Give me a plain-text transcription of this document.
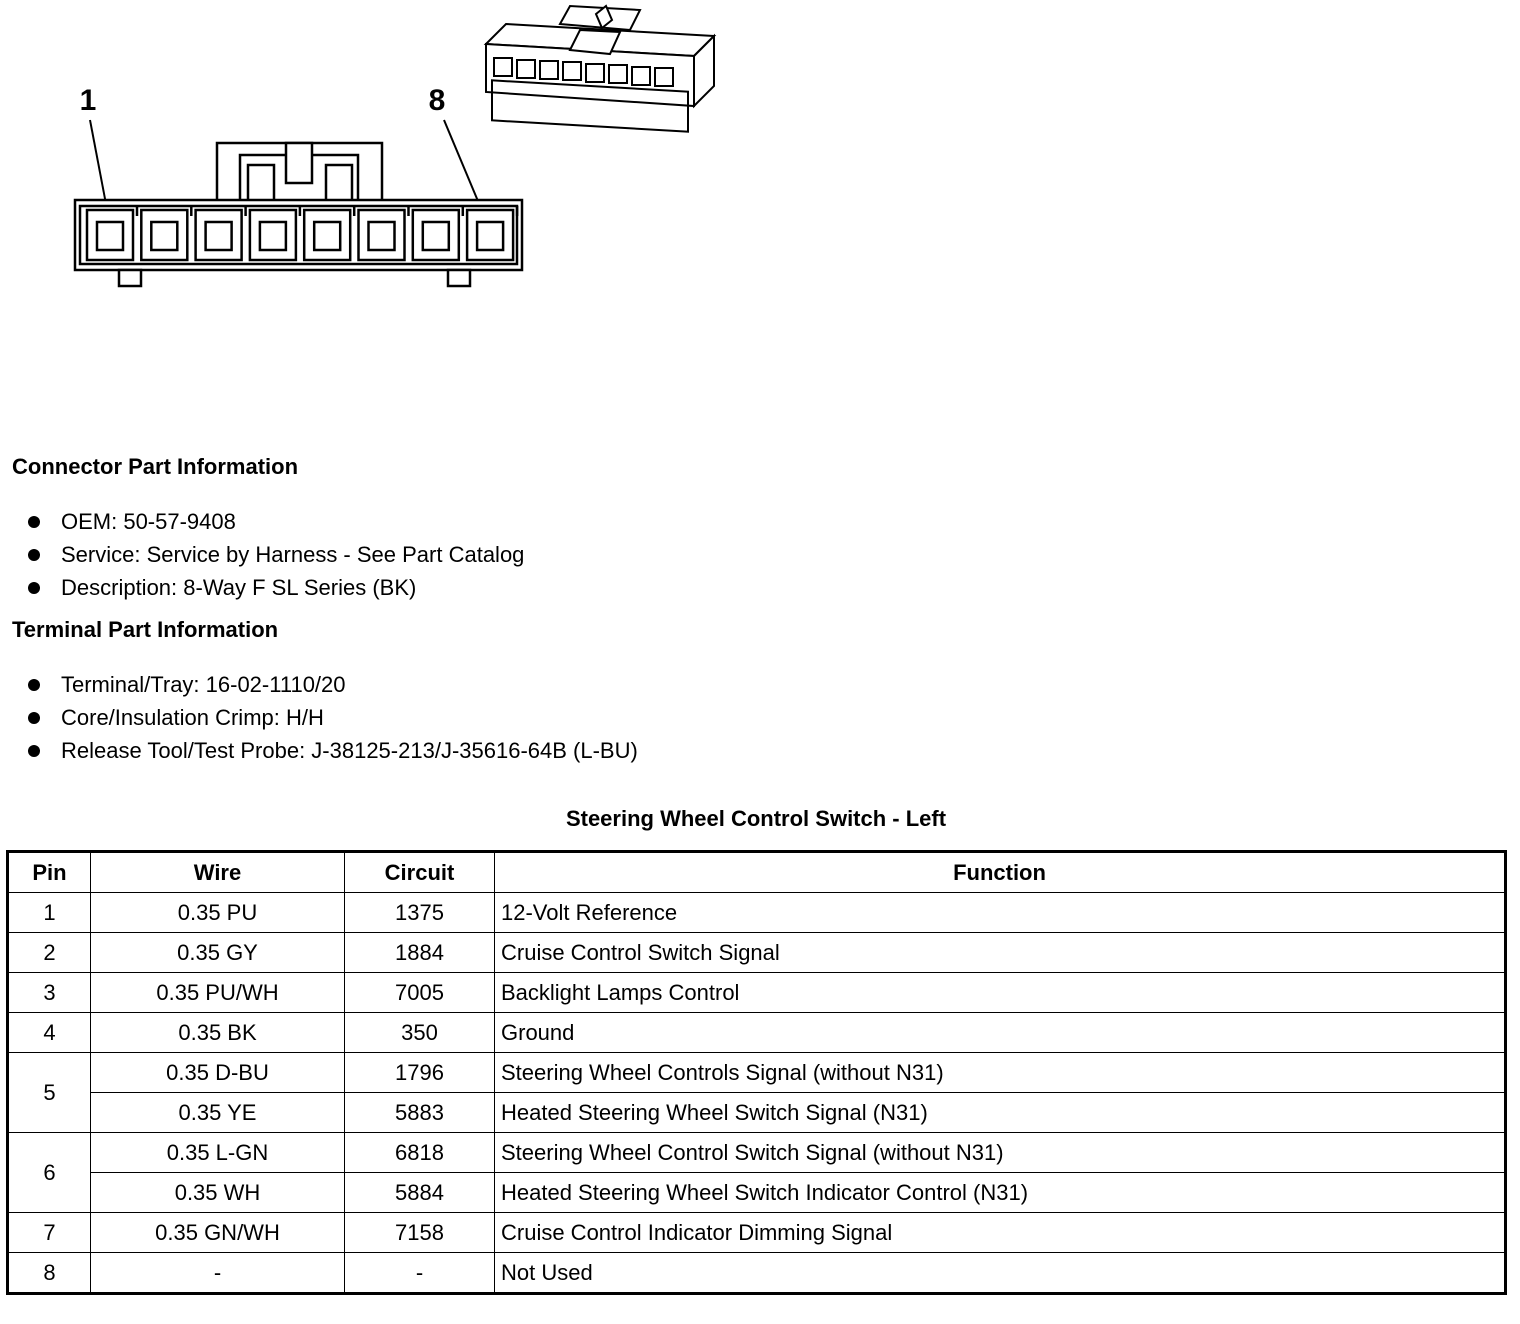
1	8
Connector Part Information
OEM: 50-57-9408
Service: Service by Harness - See Part Catalog
Description: 8-Way F SL Series (BK)
Terminal Part Information
Terminal/Tray: 16-02-1110/20
Core/Insulation Crimp: H/H
Release Tool/Test Probe: J-38125-213/J-35616-64B (L-BU)
Steering Wheel Control Switch - Left
Pin	Wire	Circuit	Function
1	0.35 PU	1375	12-Volt Reference
2	0.35 GY	1884	Cruise Control Switch Signal
3	0.35 PU/WH	7005	Backlight Lamps Control
4	0.35 BK	350	Ground
5	0.35 D-BU	1796	Steering Wheel Controls Signal (without N31)
	0.35 YE	5883	Heated Steering Wheel Switch Signal (N31)
6	0.35 L-GN	6818	Steering Wheel Control Switch Signal (without N31)
	0.35 WH	5884	Heated Steering Wheel Switch Indicator Control (N31)
7	0.35 GN/WH	7158	Cruise Control Indicator Dimming Signal
8	-	-	Not Used
